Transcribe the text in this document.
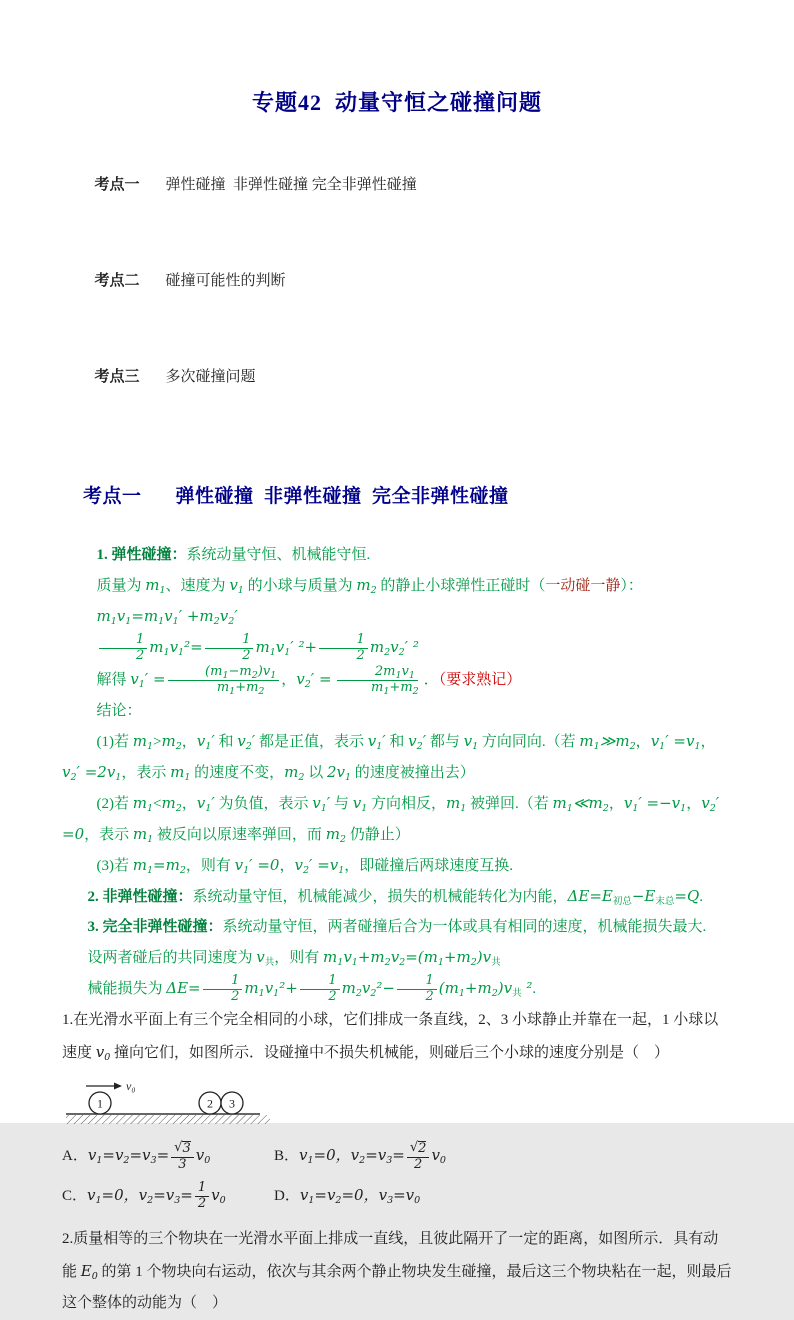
专题42  动量守恒之碰撞问题

考点一 弹性碰撞  非弹性碰撞 完全非弹性碰撞

考点二 碰撞可能性的判断

考点三 多次碰撞问题

考点一 弹性碰撞  非弹性碰撞  完全非弹性碰撞

1. 弹性碰撞：系统动量守恒、机械能守恒.

质量为 $m_1$、速度为 $v_1$ 的小球与质量为 $m_2$ 的静止小球弹性正碰时（一动碰一静）：

$m_1v_1=m_1v_1' +m_2v_2'$

$\frac{1}{2} m_1v_1^2= \frac{1}{2} m_1v_1'$ $^2+ \frac{1}{2} m_2v_2'$ ²

解得 $v_1' = \frac{(m_1-m_2)v_1}{m_1+m_2}$ ，$v_2' = \frac{2m_1v_1}{m_1+m_2}$ ．（要求熟记）

结论：

(1)若 $m_1>m_2$，$v_1'$ 和 $v_2'$ 都是正值，表示 $v_1'$ 和 $v_2'$ 都与 $v_1$ 方向同向.（若 $m_1≫m_2$，$v_1' =v_1$，$v_2' =2v_1$，表示 $m_1$ 的速度不变，$m_2$ 以 $2v_1$ 的速度被撞出去）

(2)若 $m_1<m_2$，$v_1'$ 为负值，表示 $v_1'$ 与 $v_1$ 方向相反，$m_1$ 被弹回.（若 $m_1≪m_2$，$v_1' =-v_1$，$v_2' =0$，表示 $m_1$ 被反向以原速率弹回，而 $m_2$ 仍静止）

(3)若 $m_1=m_2$，则有 $v_1' =0$，$v_2' =v_1$，即碰撞后两球速度互换.

2. 非弹性碰撞：系统动量守恒，机械能减少，损失的机械能转化为内能，$\Delta E=E_{初总}-E_{末总}=Q$.

3. 完全非弹性碰撞：系统动量守恒，两者碰撞后合为一体或具有相同的速度，机械能损失最大.

设两者碰后的共同速度为 $v_共$，则有 $m_1v_1+m_2v_2=(m_1+m_2)v_共$

械能损失为 $\Delta E= \frac{1}{2} m_1v_1^2+ \frac{1}{2} m_2v_2^2- \frac{1}{2} (m_1+m_2)v_共$ ².

1.在光滑水平面上有三个完全相同的小球，它们排成一条直线，2、3 小球静止并靠在一起，1 小球以速度 $v_0$ 撞向它们，如图所示．设碰撞中不损失机械能，则碰后三个小球的速度分别是（    ）

v₀
1	2 3
A．$v_1=v_2=v_3= \frac{√ 3}{3} v_0$	B．$v_1=0$，$v_2=v_3= \frac{√ 2}{2} v_0$
C．$v_1=0$，$v_2=v_3= \frac{1}{2} v_0$	D．$v_1=v_2=0$，$v_3=v_0$

2.质量相等的三个物块在一光滑水平面上排成一直线，且彼此隔开了一定的距离，如图所示．具有动能 $E_0$ 的第 1 个物块向右运动，依次与其余两个静止物块发生碰撞，最后这三个物块粘在一起，则最后这个整体的动能为（    ）
